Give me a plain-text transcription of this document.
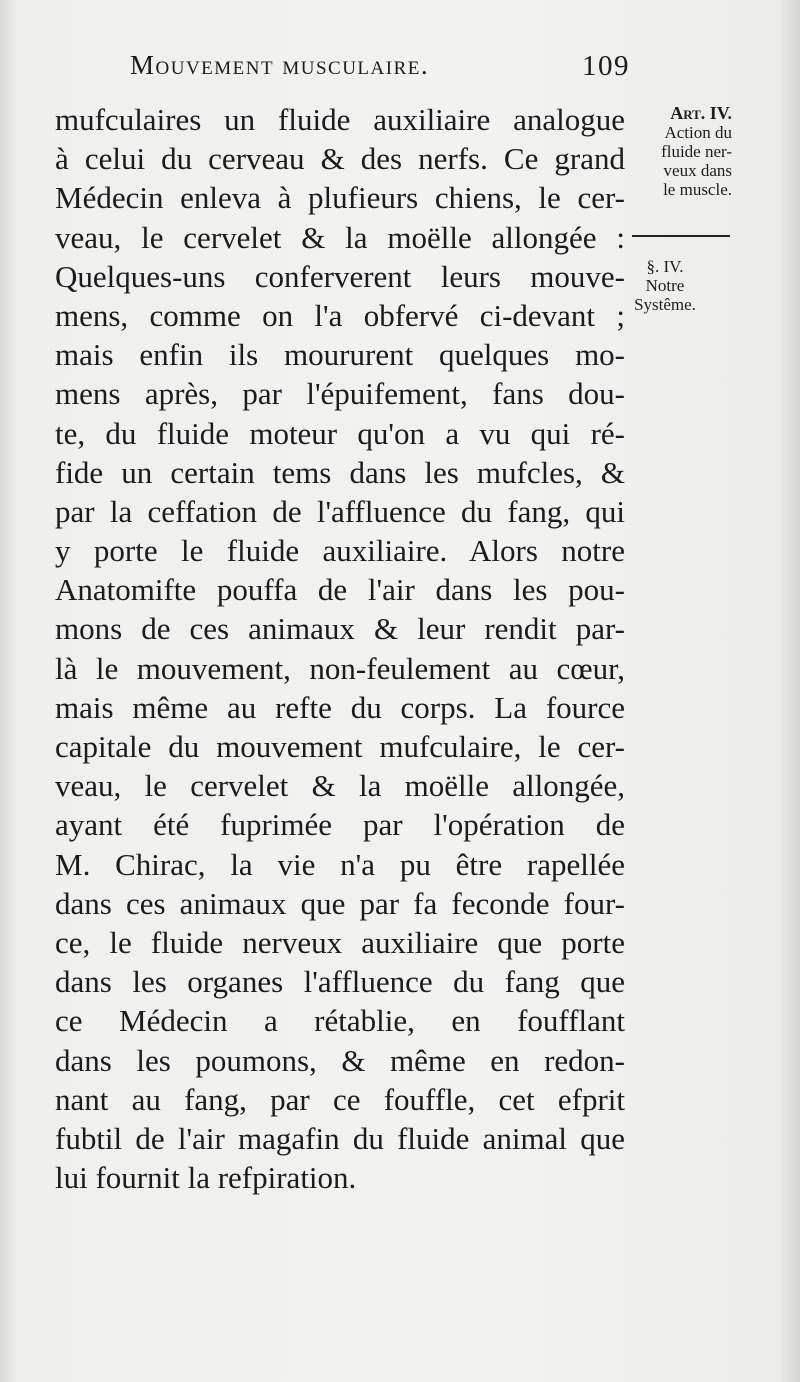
Mouvement musculaire.	109
Art. IV.
Action du
fluide ner-
veux dans
le muscle.
§. IV.
Notre
Systême.
mufculaires un fluide auxiliaire analogue
à celui du cerveau & des nerfs. Ce grand
Médecin enleva à plufieurs chiens, le cer-
veau, le cervelet & la moëlle allongée :
Quelques-uns conferverent leurs mouve-
mens, comme on l'a obfervé ci-devant ;
mais enfin ils moururent quelques mo-
mens après, par l'épuifement, fans dou-
te, du fluide moteur qu'on a vu qui ré-
fide un certain tems dans les mufcles, &
par la ceffation de l'affluence du fang, qui
y porte le fluide auxiliaire. Alors notre
Anatomifte pouffa de l'air dans les pou-
mons de ces animaux & leur rendit par-
là le mouvement, non-feulement au cœur,
mais même au refte du corps. La fource
capitale du mouvement mufculaire, le cer-
veau, le cervelet & la moëlle allongée,
ayant été fuprimée par l'opération de
M. Chirac, la vie n'a pu être rapellée
dans ces animaux que par fa feconde four-
ce, le fluide nerveux auxiliaire que porte
dans les organes l'affluence du fang que
ce Médecin a rétablie, en foufflant
dans les poumons, & même en redon-
nant au fang, par ce fouffle, cet efprit
fubtil de l'air magafin du fluide animal que
lui fournit la refpiration.
